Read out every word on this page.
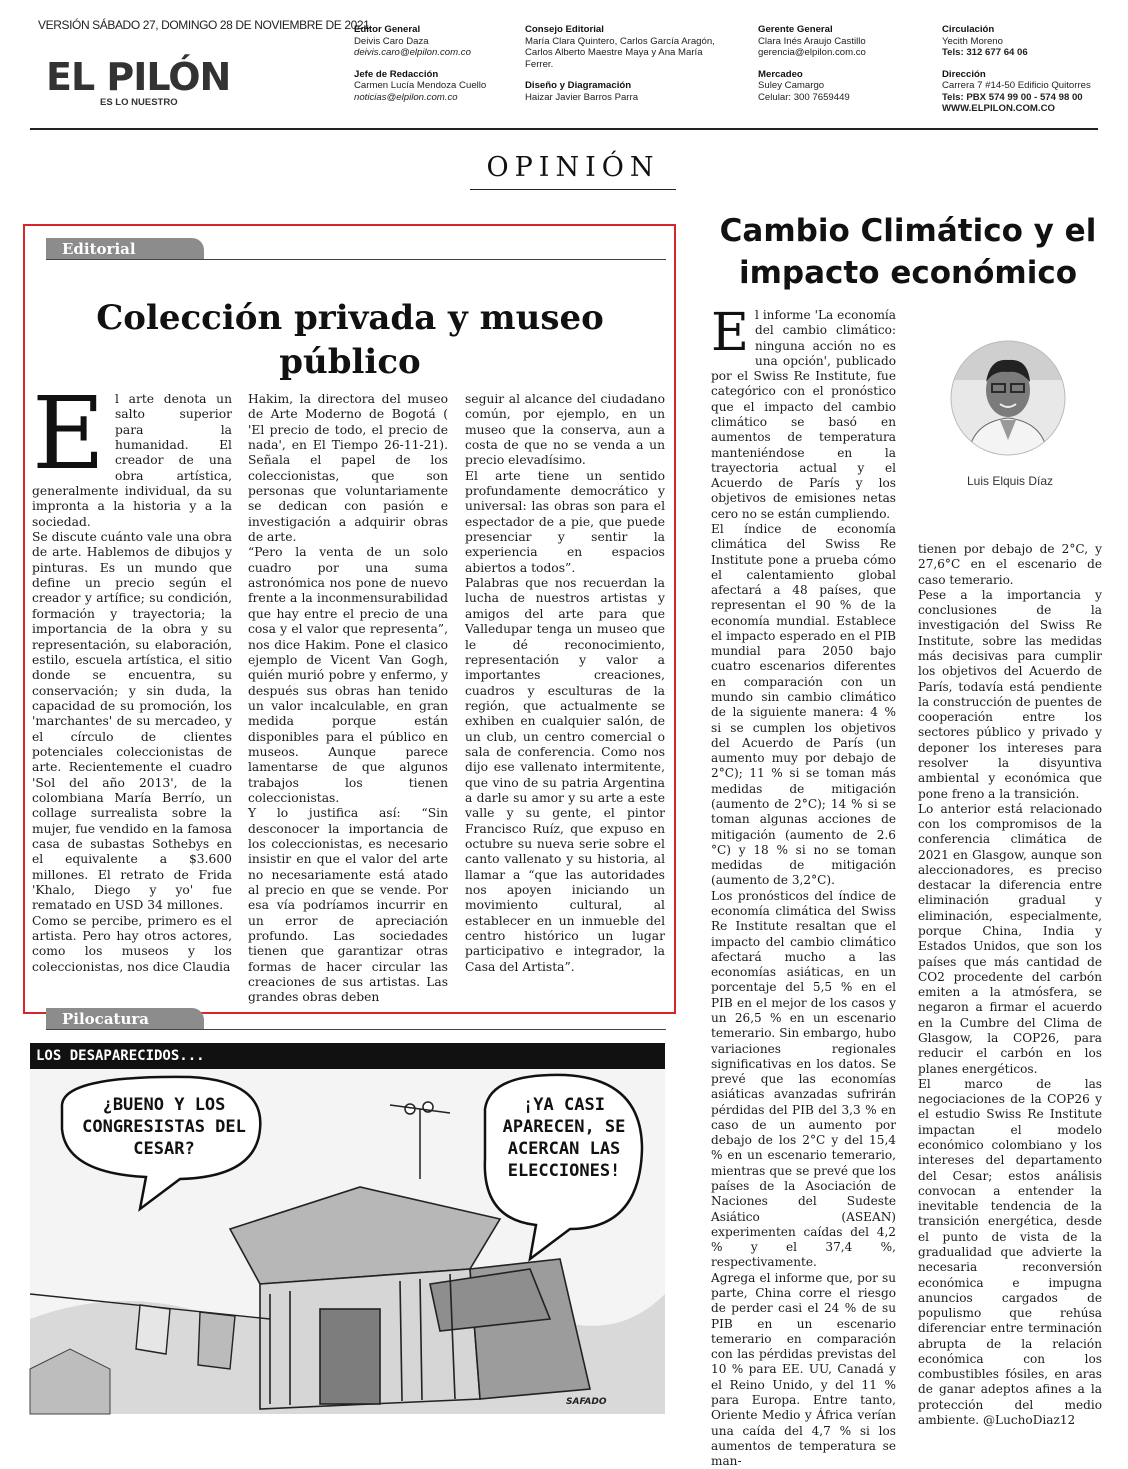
VERSIÓN SÁBADO 27, DOMINGO 28 DE NOVIEMBRE DE 2021
EL PILÓN
ES LO NUESTRO
Editor General
Deivis Caro Daza
deivis.caro@elpilon.com.co
Jefe de Redacción
Carmen Lucía Mendoza Cuello
noticias@elpilon.com.co
Consejo Editorial
María Clara Quintero, Carlos García Aragón,
Carlos Alberto Maestre Maya y Ana María
Ferrer.
Diseño y Diagramación
Haizar Javier Barros Parra
Gerente General
Clara Inés Araujo Castillo
gerencia@elpilon.com.co
Mercadeo
Suley Camargo
Celular: 300 7659449
Circulación
Yecith Moreno
Tels: 312 677 64 06
Dirección
Carrera 7 #14-50 Edificio Quitorres
Tels: PBX 574 99 00 - 574 98 00
WWW.ELPILON.COM.CO
OPINIÓN
Editorial
Colección privada y museo público
E l arte denota un salto superior para la humanidad. El creador de una obra artística, generalmente individual, da su impronta a la historia y a la sociedad.

Se discute cuánto vale una obra de arte. Hablemos de dibujos y pinturas. Es un mundo que define un precio según el creador y artífice; su condición, formación y trayectoria; la importancia de la obra y su representación, su elaboración, estilo, escuela artística, el sitio donde se encuentra, su conservación; y sin duda, la capacidad de su promoción, los 'marchantes' de su mercadeo, y el círculo de clientes potenciales coleccionistas de arte. Recientemente el cuadro 'Sol del año 2013', de la colombiana María Berrío, un collage surrealista sobre la mujer, fue vendido en la famosa casa de subastas Sothebys en el equivalente a $3.600 millones. El retrato de Frida 'Khalo, Diego y yo' fue rematado en USD 34 millones.

Como se percibe, primero es el artista. Pero hay otros actores, como los museos y los coleccionistas, nos dice Claudia

Hakim, la directora del museo de Arte Moderno de Bogotá ( 'El precio de todo, el precio de nada', en El Tiempo 26-11-21). Señala el papel de los coleccionistas, que son personas que voluntariamente se dedican con pasión e investigación a adquirir obras de arte.

“Pero la venta de un solo cuadro por una suma astronómica nos pone de nuevo frente a la inconmensurabilidad que hay entre el precio de una cosa y el valor que representa”, nos dice Hakim. Pone el clasico ejemplo de Vicent Van Gogh, quién murió pobre y enfermo, y después sus obras han tenido un valor incalculable, en gran medida porque están disponibles para el público en museos. Aunque parece lamentarse de que algunos trabajos los tienen coleccionistas.

Y lo justifica así: “Sin desconocer la importancia de los coleccionistas, es necesario insistir en que el valor del arte no necesariamente está atado al precio en que se vende. Por esa vía podríamos incurrir en un error de apreciación profundo. Las sociedades tienen que garantizar otras formas de hacer circular las creaciones de sus artistas. Las grandes obras deben

seguir al alcance del ciudadano común, por ejemplo, en un museo que la conserva, aun a costa de que no se venda a un precio elevadísimo.

El arte tiene un sentido profundamente democrático y universal: las obras son para el espectador de a pie, que puede presenciar y sentir la experiencia en espacios abiertos a todos”.

Palabras que nos recuerdan la lucha de nuestros artistas y amigos del arte para que Valledupar tenga un museo que le dé reconocimiento, representación y valor a importantes creaciones, cuadros y esculturas de la región, que actualmente se exhiben en cualquier salón, de un club, un centro comercial o sala de conferencia. Como nos dijo ese vallenato intermitente, que vino de su patria Argentina a darle su amor y su arte a este valle y su gente, el pintor Francisco Ruíz, que expuso en octubre su nueva serie sobre el canto vallenato y su historia, al llamar a “que las autoridades nos apoyen iniciando un movimiento cultural, al establecer en un inmueble del centro histórico un lugar participativo e integrador, la Casa del Artista”.

Pilocatura
LOS DESAPARECIDOS...
¿BUENO Y LOS CONGRESISTAS DEL CESAR?
¡YA CASI APARECEN, SE ACERCAN LAS ELECCIONES!
SAFADO
Cambio Climático y el impacto económico
Luis Elquis Díaz
E l informe 'La economía del cambio climático: ninguna acción no es una opción', publicado por el Swiss Re Institute, fue categórico con el pronóstico que el impacto del cambio climático se basó en aumentos de temperatura manteniéndose en la trayectoria actual y el Acuerdo de París y los objetivos de emisiones netas cero no se están cumpliendo.

El índice de economía climática del Swiss Re Institute pone a prueba cómo el calentamiento global afectará a 48 países, que representan el 90 % de la economía mundial. Establece el impacto esperado en el PIB mundial para 2050 bajo cuatro escenarios diferentes en comparación con un mundo sin cambio climático de la siguiente manera: 4 % si se cumplen los objetivos del Acuerdo de París (un aumento muy por debajo de 2°C); 11 % si se toman más medidas de mitigación (aumento de 2°C); 14 % si se toman algunas acciones de mitigación (aumento de 2.6 °C) y 18 % si no se toman medidas de mitigación (aumento de 3,2°C).

Los pronósticos del índice de economía climática del Swiss Re Institute resaltan que el impacto del cambio climático afectará mucho a las economías asiáticas, en un porcentaje del 5,5 % en el PIB en el mejor de los casos y un 26,5 % en un escenario temerario. Sin embargo, hubo variaciones regionales significativas en los datos. Se prevé que las economías asiáticas avanzadas sufrirán pérdidas del PIB del 3,3 % en caso de un aumento por debajo de los 2°C y del 15,4 % en un escenario temerario, mientras que se prevé que los países de la Asociación de Naciones del Sudeste Asiático (ASEAN) experimenten caídas del 4,2 % y el 37,4 %, respectivamente.

Agrega el informe que, por su parte, China corre el riesgo de perder casi el 24 % de su PIB en un escenario temerario en comparación con las pérdidas previstas del 10 % para EE. UU, Canadá y el Reino Unido, y del 11 % para Europa. Entre tanto, Oriente Medio y África verían una caída del 4,7 % si los aumentos de temperatura se man-

tienen por debajo de 2°C, y 27,6°C en el escenario de caso temerario.

Pese a la importancia y conclusiones de la investigación del Swiss Re Institute, sobre las medidas más decisivas para cumplir los objetivos del Acuerdo de París, todavía está pendiente la construcción de puentes de cooperación entre los sectores público y privado y deponer los intereses para resolver la disyuntiva ambiental y económica que pone freno a la transición.

Lo anterior está relacionado con los compromisos de la conferencia climática de 2021 en Glasgow, aunque son aleccionadores, es preciso destacar la diferencia entre eliminación gradual y eliminación, especialmente, porque China, India y Estados Unidos, que son los países que más cantidad de CO2 procedente del carbón emiten a la atmósfera, se negaron a firmar el acuerdo en la Cumbre del Clima de Glasgow, la COP26, para reducir el carbón en los planes energéticos.

El marco de las negociaciones de la COP26 y el estudio Swiss Re Institute impactan el modelo económico colombiano y los intereses del departamento del Cesar; estos análisis convocan a entender la inevitable tendencia de la transición energética, desde el punto de vista de la gradualidad que advierte la necesaria reconversión económica e impugna anuncios cargados de populismo que rehúsa diferenciar entre terminación abrupta de la relación económica con los combustibles fósiles, en aras de ganar adeptos afines a la protección del medio ambiente. @LuchoDiaz12
